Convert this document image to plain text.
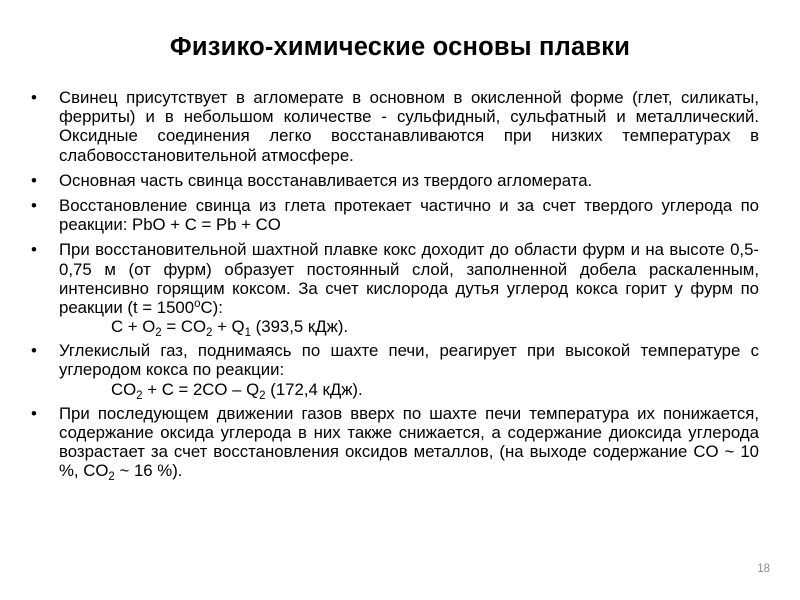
Физико-химические основы плавки
•	Свинец присутствует в агломерате в основном в окисленной форме (глет, силикаты, ферриты) и в небольшом количестве - сульфидный, сульфатный и металлический. Оксидные соединения легко восстанавливаются при низких температурах в слабовосстановительной атмосфере.
•	Основная часть свинца восстанавливается из твердого агломерата.
•	Восстановление свинца из глета протекает частично и за счет твердого углерода по реакции: PbO + C = Pb + CO
•	При восстановительной шахтной плавке кокс доходит до области фурм и на высоте 0,5-0,75 м (от фурм) образует постоянный слой, заполненной добела раскаленным, интенсивно горящим коксом. За счет кислорода дутья углерод кокса горит у фурм по реакции $(t = 1500^oС)$:
$C + O_2 = CO_2 + Q_1$ (393,5 кДж).
•	Углекислый газ, поднимаясь по шахте печи, реагирует при высокой температуре с углеродом кокса по реакции:
$CO_2 + C = 2CO - Q_2$ (172,4 кДж).
•	При последующем движении газов вверх по шахте печи температура их понижается, содержание оксида углерода в них также снижается, а содержание диоксида углерода возрастает за счет восстановления оксидов металлов, (на выходе содержание CO ~ 10 %, $CO_2$ ~ 16 %).
18
